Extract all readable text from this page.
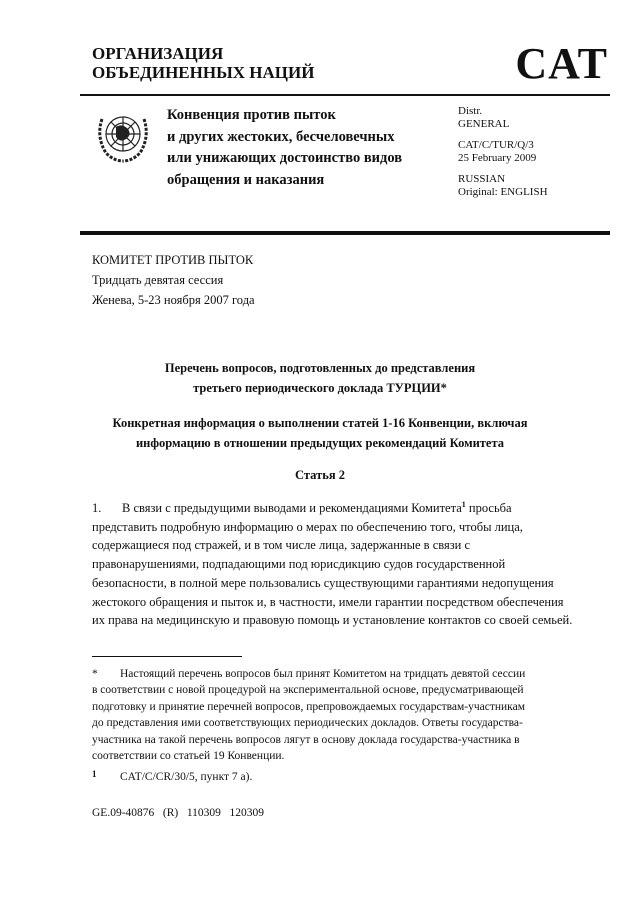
ОРГАНИЗАЦИЯ
ОБЪЕДИНЕННЫХ НАЦИЙ	CAT
Конвенция против пыток
и других жестоких, бесчеловечных
или унижающих достоинство видов
обращения и наказания
Distr.
GENERAL
CAT/C/TUR/Q/3
25 February 2009
RUSSIAN
Original: ENGLISH
КОМИТЕТ ПРОТИВ ПЫТОК
Тридцать девятая сессия
Женева, 5-23 ноября 2007 года
Перечень вопросов, подготовленных до представления
третьего периодического доклада ТУРЦИИ*
Конкретная информация о выполнении статей 1-16 Конвенции, включая
информацию в отношении предыдущих рекомендаций Комитета
Статья 2
1. В связи с предыдущими выводами и рекомендациями Комитета$^1$ просьба
представить подробную информацию о мерах по обеспечению того, чтобы лица,
содержащиеся под стражей, и в том числе лица, задержанные в связи с
правонарушениями, подпадающими под юрисдикцию судов государственной
безопасности, в полной мере пользовались существующими гарантиями недопущения
жестокого обращения и пыток и, в частности, имели гарантии посредством обеспечения
их права на медицинскую и правовую помощь и установление контактов со своей семьей.
* Настоящий перечень вопросов был принят Комитетом на тридцать девятой сессии
в соответствии с новой процедурой на экспериментальной основе, предусматривающей
подготовку и принятие перечней вопросов, препровождаемых государствам-участникам
до представления ими соответствующих периодических докладов. Ответы государства-
участника на такой перечень вопросов лягут в основу доклада государства-участника в
соответствии со статьей 19 Конвенции.
1 CAT/C/CR/30/5, пункт 7 a).
GE.09-40876   (R)   110309   120309
